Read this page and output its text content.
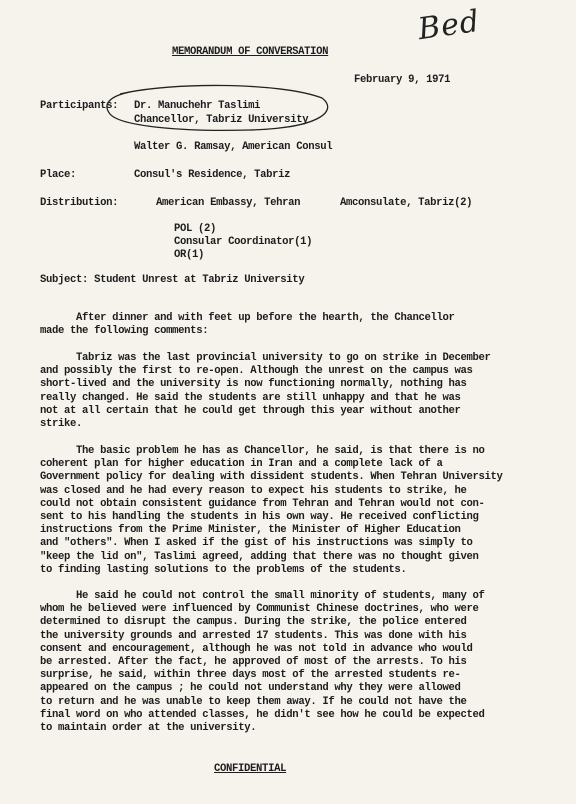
Bed
MEMORANDUM OF CONVERSATION
February 9, 1971
Participants: Dr. Manuchehr Taslimi
Chancellor, Tabriz University
Walter G. Ramsay, American Consul
Place:	Consul's Residence, Tabriz
Distribution:	American Embassy, Tehran	Amconsulate, Tabriz(2)
POL (2)
Consular Coordinator(1)
OR(1)
Subject: Student Unrest at Tabriz University
After dinner and with feet up before the hearth, the Chancellor
made the following comments:
Tabriz was the last provincial university to go on strike in December
and possibly the first to re-open. Although the unrest on the campus was
short-lived and the university is now functioning normally, nothing has
really changed. He said the students are still unhappy and that he was
not at all certain that he could get through this year without another
strike.
The basic problem he has as Chancellor, he said, is that there is no
coherent plan for higher education in Iran and a complete lack of a
Government policy for dealing with dissident students. When Tehran University
was closed and he had every reason to expect his students to strike, he
could not obtain consistent guidance from Tehran and Tehran would not con-
sent to his handling the students in his own way. He received conflicting
instructions from the Prime Minister, the Minister of Higher Education
and "others". When I asked if the gist of his instructions was simply to
"keep the lid on", Taslimi agreed, adding that there was no thought given
to finding lasting solutions to the problems of the students.
He said he could not control the small minority of students, many of
whom he believed were influenced by Communist Chinese doctrines, who were
determined to disrupt the campus. During the strike, the police entered
the university grounds and arrested 17 students. This was done with his
consent and encouragement, although he was not told in advance who would
be arrested. After the fact, he approved of most of the arrests. To his
surprise, he said, within three days most of the arrested students re-
appeared on the campus ; he could not understand why they were allowed
to return and he was unable to keep them away. If he could not have the
final word on who attended classes, he didn't see how he could be expected
to maintain order at the university.
CONFIDENTIAL
